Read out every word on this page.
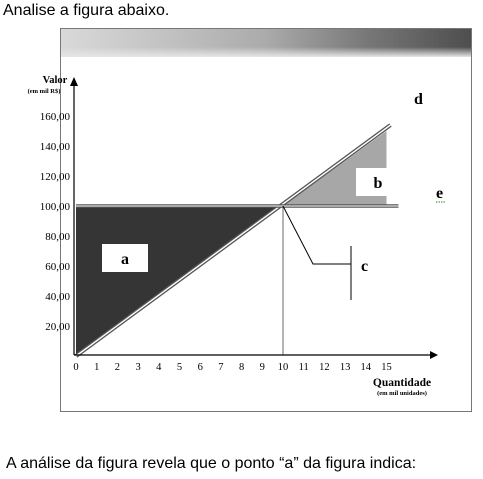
Analise a figura abaixo.
20,00
40,00
60,00
80,00
100,00
120,00
140,00
160,00
0 1 2 3 4 5 6 7 8 9 10 11 12 13 14 15
Valor
(em mil R$)
Quantidade
(em mil unidades)
a
b
d
e
c
A análise da figura revela que o ponto “a” da figura indica:
